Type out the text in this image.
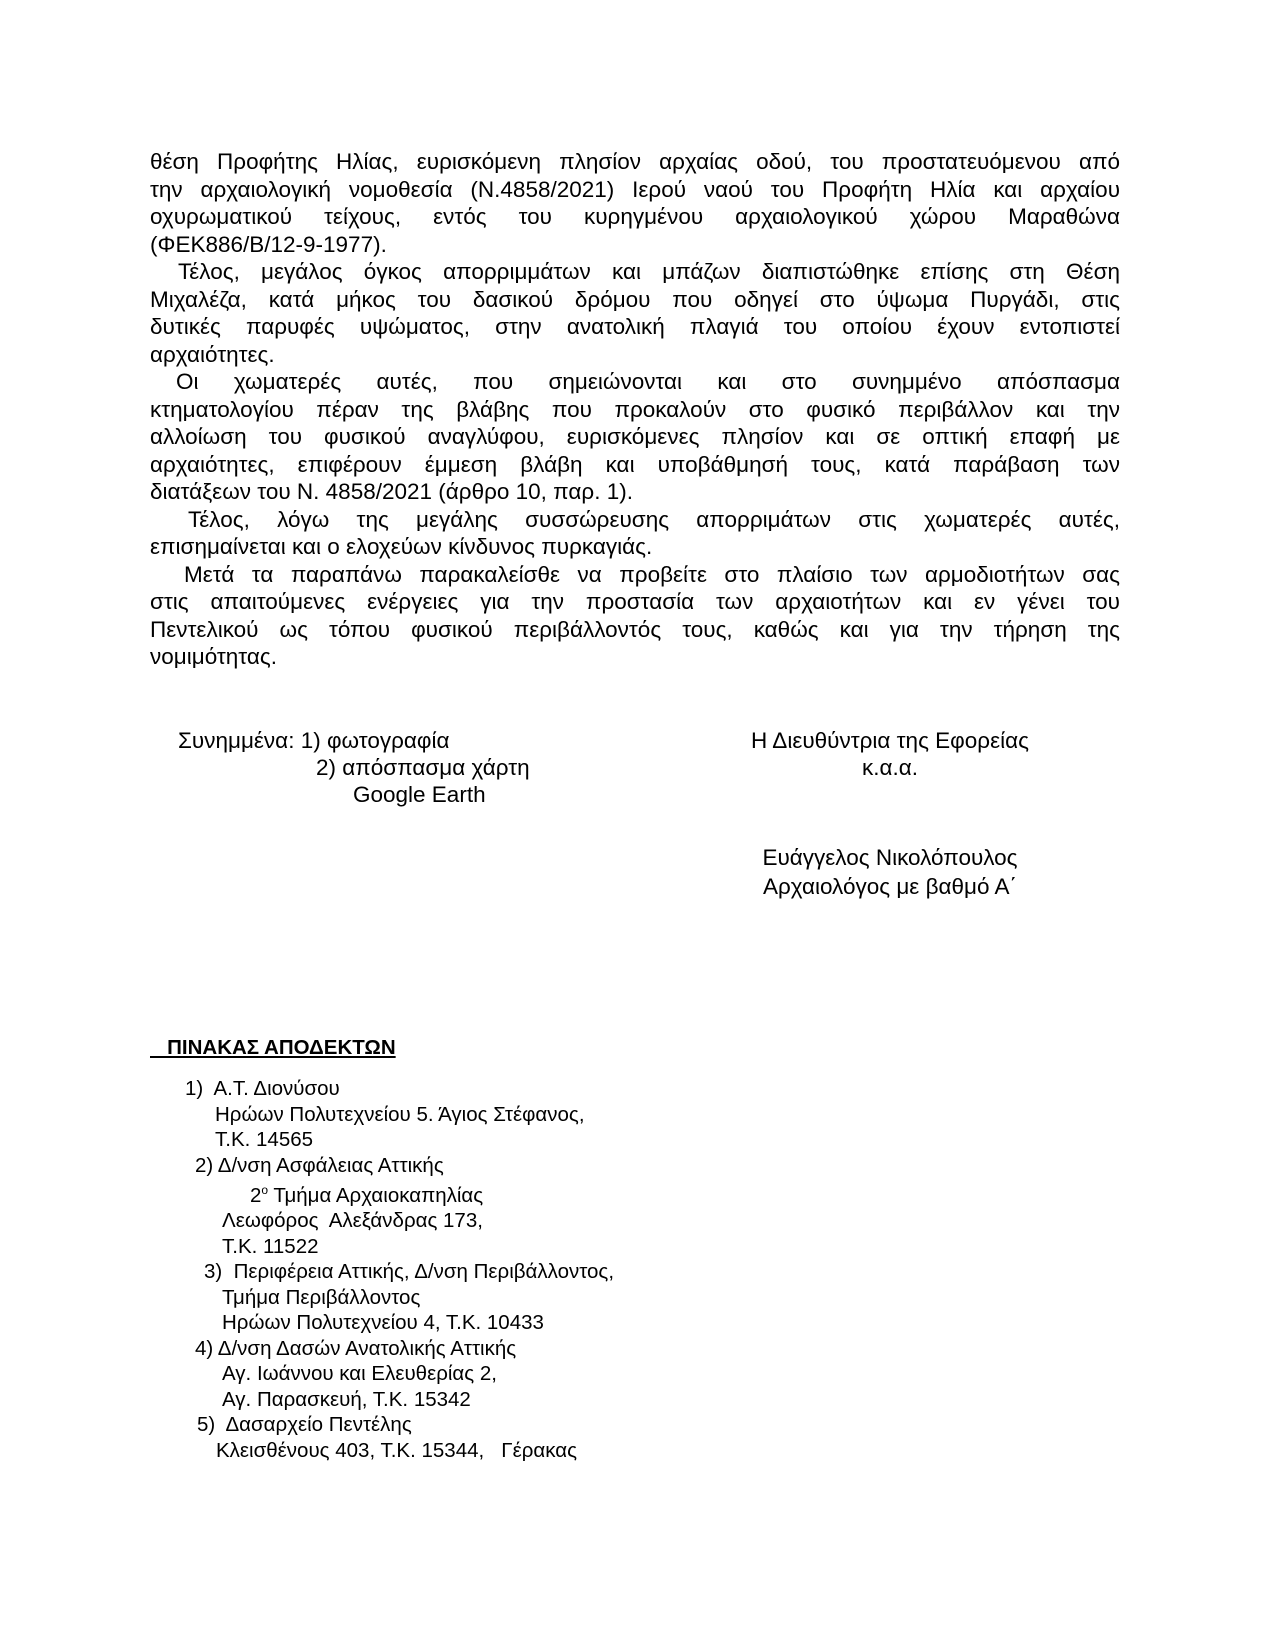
θέση Προφήτης Ηλίας, ευρισκόμενη πλησίον αρχαίας οδού, του προστατευόμενου από
την αρχαιολογική νομοθεσία (Ν.4858/2021) Ιερού ναού του Προφήτη Ηλία και αρχαίου
οχυρωματικού τείχους, εντός του κυρηγμένου αρχαιολογικού χώρου Μαραθώνα
(ΦΕΚ886/Β/12-9-1977).

Τέλος, μεγάλος όγκος απορριμμάτων και μπάζων διαπιστώθηκε επίσης στη Θέση
Μιχαλέζα, κατά μήκος του δασικού δρόμου που οδηγεί στο ύψωμα Πυργάδι, στις
δυτικές παρυφές υψώματος, στην ανατολική πλαγιά του οποίου έχουν εντοπιστεί
αρχαιότητες.

Οι χωματερές αυτές, που σημειώνονται και στο συνημμένο απόσπασμα
κτηματολογίου πέραν της βλάβης που προκαλούν στο φυσικό περιβάλλον και την
αλλοίωση του φυσικού αναγλύφου, ευρισκόμενες πλησίον και σε οπτική επαφή με
αρχαιότητες, επιφέρουν έμμεση βλάβη και υποβάθμησή τους, κατά παράβαση των
διατάξεων του Ν. 4858/2021 (άρθρο 10, παρ. 1).

Τέλος, λόγω της μεγάλης συσσώρευσης απορριμάτων στις χωματερές αυτές,
επισημαίνεται και ο ελοχεύων κίνδυνος πυρκαγιάς.

Μετά τα παραπάνω παρακαλείσθε να προβείτε στο πλαίσιο των αρμοδιοτήτων σας
στις απαιτούμενες ενέργειες για την προστασία των αρχαιοτήτων και εν γένει του
Πεντελικού ως τόπου φυσικού περιβάλλοντός τους, καθώς και για την τήρηση της
νομιμότητας.

Συνημμένα: 1) φωτογραφία
2) απόσπασμα χάρτη
Google Earth
Η Διευθύντρια της Εφορείας
κ.α.α.
Ευάγγελος Νικολόπουλος
Αρχαιολόγος με βαθμό Α΄
ΠΙΝΑΚΑΣ ΑΠΟΔΕΚΤΩΝ
1)  Α.Τ. Διονύσου
Ηρώων Πολυτεχνείου 5. Άγιος Στέφανος,
Τ.Κ. 14565
2) Δ/νση Ασφάλειας Αττικής
$2^o$ Τμήμα Αρχαιοκαπηλίας
Λεωφόρος  Αλεξάνδρας 173,
Τ.Κ. 11522
3)  Περιφέρεια Αττικής, Δ/νση Περιβάλλοντος,
Τμήμα Περιβάλλοντος
Ηρώων Πολυτεχνείου 4, Τ.Κ. 10433
4) Δ/νση Δασών Ανατολικής Αττικής
Αγ. Ιωάννου και Ελευθερίας 2,
Αγ. Παρασκευή, Τ.Κ. 15342
5)  Δασαρχείο Πεντέλης
Κλεισθένους 403, Τ.Κ. 15344,   Γέρακας
